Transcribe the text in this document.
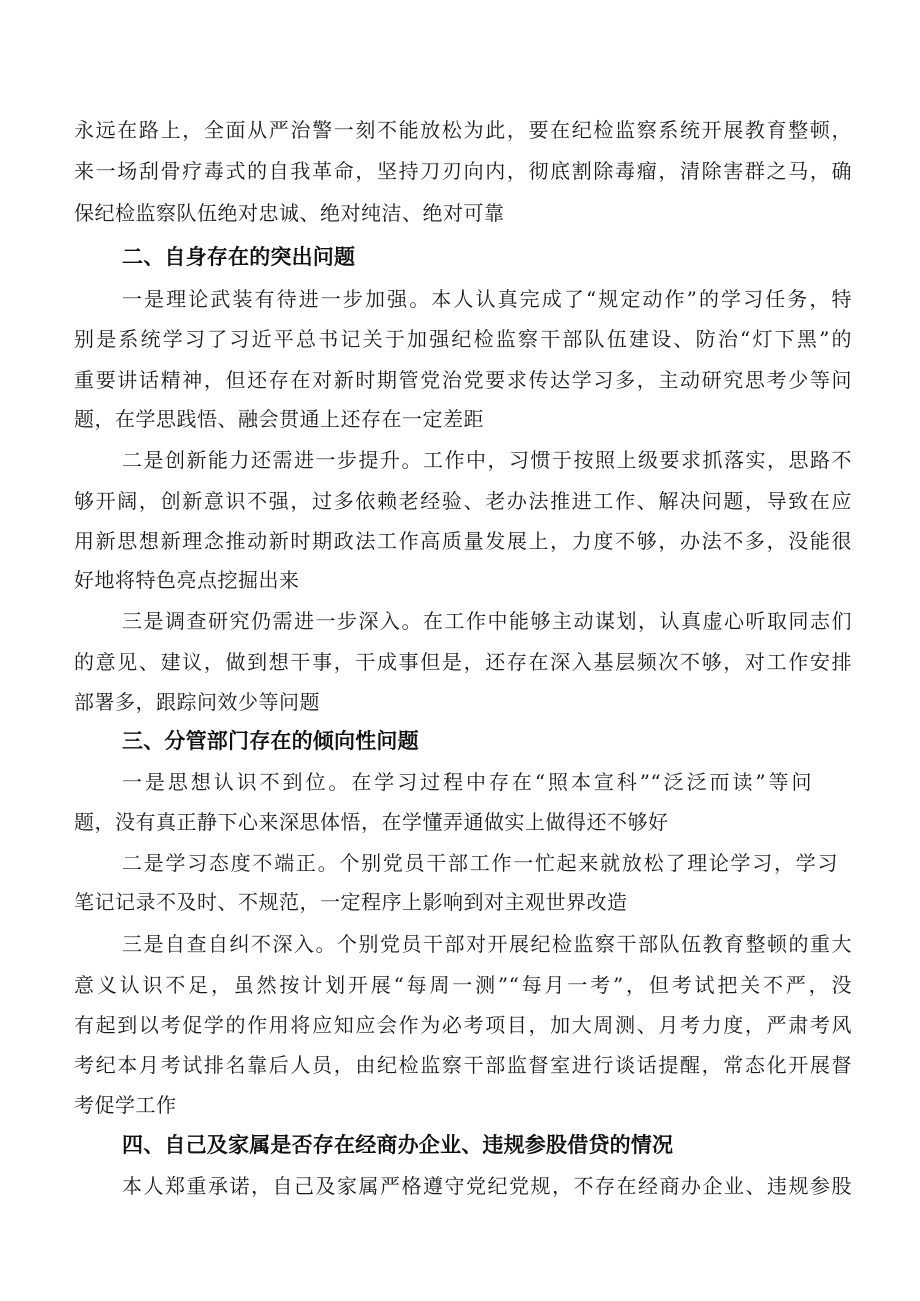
永远在路上，全面从严治警一刻不能放松为此，要在纪检监察系统开展教育整顿，

来一场刮骨疗毒式的自我革命，坚持刀刃向内，彻底割除毒瘤，清除害群之马，确

保纪检监察队伍绝对忠诚、绝对纯洁、绝对可靠

二、自身存在的突出问题

一是理论武装有待进一步加强。本人认真完成了“规定动作”的学习任务，特

别是系统学习了习近平总书记关于加强纪检监察干部队伍建设、防治“灯下黑”的

重要讲话精神，但还存在对新时期管党治党要求传达学习多，主动研究思考少等问

题，在学思践悟、融会贯通上还存在一定差距

二是创新能力还需进一步提升。工作中，习惯于按照上级要求抓落实，思路不

够开阔，创新意识不强，过多依赖老经验、老办法推进工作、解决问题，导致在应

用新思想新理念推动新时期政法工作高质量发展上，力度不够，办法不多，没能很

好地将特色亮点挖掘出来

三是调查研究仍需进一步深入。在工作中能够主动谋划，认真虚心听取同志们

的意见、建议，做到想干事，干成事但是，还存在深入基层频次不够，对工作安排

部署多，跟踪问效少等问题

三、分管部门存在的倾向性问题

一是思想认识不到位。在学习过程中存在“照本宣科”“泛泛而读”等问

题，没有真正静下心来深思体悟，在学懂弄通做实上做得还不够好

二是学习态度不端正。个别党员干部工作一忙起来就放松了理论学习，学习

笔记记录不及时、不规范，一定程序上影响到对主观世界改造

三是自查自纠不深入。个别党员干部对开展纪检监察干部队伍教育整顿的重大

意义认识不足，虽然按计划开展“每周一测”“每月一考”，但考试把关不严，没

有起到以考促学的作用将应知应会作为必考项目，加大周测、月考力度，严肃考风

考纪本月考试排名靠后人员，由纪检监察干部监督室进行谈话提醒，常态化开展督

考促学工作

四、自己及家属是否存在经商办企业、违规参股借贷的情况

本人郑重承诺，自己及家属严格遵守党纪党规，不存在经商办企业、违规参股
